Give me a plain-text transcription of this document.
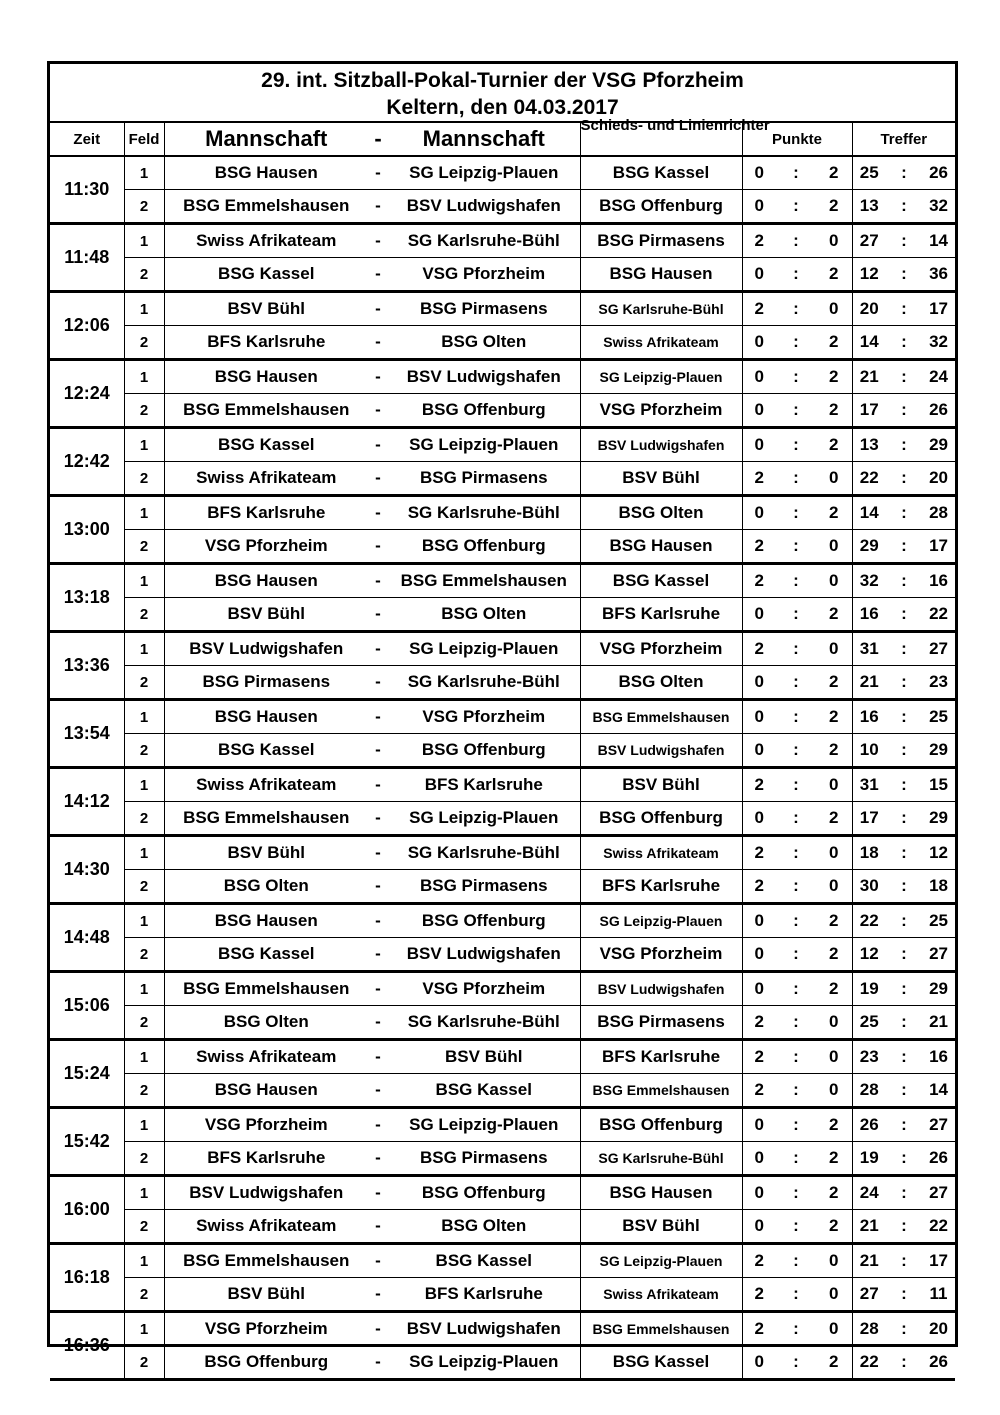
29. int. Sitzball-Pokal-Turnier der VSG Pforzheim
Keltern, den 04.03.2017
Zeit	Feld	Mannschaft	-	Mannschaft	Schieds- und Linienrichter	Punkte			Treffer		
11:30	1	BSG Hausen	-	SG Leipzig-Plauen	BSG Kassel	0	:	2	25	:	26
	2	BSG Emmelshausen	-	BSV Ludwigshafen	BSG Offenburg	0	:	2	13	:	32
11:48	1	Swiss Afrikateam	-	SG Karlsruhe-Bühl	BSG Pirmasens	2	:	0	27	:	14
	2	BSG Kassel	-	VSG Pforzheim	BSG Hausen	0	:	2	12	:	36
12:06	1	BSV Bühl	-	BSG Pirmasens	SG Karlsruhe-Bühl	2	:	0	20	:	17
	2	BFS Karlsruhe	-	BSG Olten	Swiss Afrikateam	0	:	2	14	:	32
12:24	1	BSG Hausen	-	BSV Ludwigshafen	SG Leipzig-Plauen	0	:	2	21	:	24
	2	BSG Emmelshausen	-	BSG Offenburg	VSG Pforzheim	0	:	2	17	:	26
12:42	1	BSG Kassel	-	SG Leipzig-Plauen	BSV Ludwigshafen	0	:	2	13	:	29
	2	Swiss Afrikateam	-	BSG Pirmasens	BSV Bühl	2	:	0	22	:	20
13:00	1	BFS Karlsruhe	-	SG Karlsruhe-Bühl	BSG Olten	0	:	2	14	:	28
	2	VSG Pforzheim	-	BSG Offenburg	BSG Hausen	2	:	0	29	:	17
13:18	1	BSG Hausen	-	BSG Emmelshausen	BSG Kassel	2	:	0	32	:	16
	2	BSV Bühl	-	BSG Olten	BFS Karlsruhe	0	:	2	16	:	22
13:36	1	BSV Ludwigshafen	-	SG Leipzig-Plauen	VSG Pforzheim	2	:	0	31	:	27
	2	BSG Pirmasens	-	SG Karlsruhe-Bühl	BSG Olten	0	:	2	21	:	23
13:54	1	BSG Hausen	-	VSG Pforzheim	BSG Emmelshausen	0	:	2	16	:	25
	2	BSG Kassel	-	BSG Offenburg	BSV Ludwigshafen	0	:	2	10	:	29
14:12	1	Swiss Afrikateam	-	BFS Karlsruhe	BSV Bühl	2	:	0	31	:	15
	2	BSG Emmelshausen	-	SG Leipzig-Plauen	BSG Offenburg	0	:	2	17	:	29
14:30	1	BSV Bühl	-	SG Karlsruhe-Bühl	Swiss Afrikateam	2	:	0	18	:	12
	2	BSG Olten	-	BSG Pirmasens	BFS Karlsruhe	2	:	0	30	:	18
14:48	1	BSG Hausen	-	BSG Offenburg	SG Leipzig-Plauen	0	:	2	22	:	25
	2	BSG Kassel	-	BSV Ludwigshafen	VSG Pforzheim	0	:	2	12	:	27
15:06	1	BSG Emmelshausen	-	VSG Pforzheim	BSV Ludwigshafen	0	:	2	19	:	29
	2	BSG Olten	-	SG Karlsruhe-Bühl	BSG Pirmasens	2	:	0	25	:	21
15:24	1	Swiss Afrikateam	-	BSV Bühl	BFS Karlsruhe	2	:	0	23	:	16
	2	BSG Hausen	-	BSG Kassel	BSG Emmelshausen	2	:	0	28	:	14
15:42	1	VSG Pforzheim	-	SG Leipzig-Plauen	BSG Offenburg	0	:	2	26	:	27
	2	BFS Karlsruhe	-	BSG Pirmasens	SG Karlsruhe-Bühl	0	:	2	19	:	26
16:00	1	BSV Ludwigshafen	-	BSG Offenburg	BSG Hausen	0	:	2	24	:	27
	2	Swiss Afrikateam	-	BSG Olten	BSV Bühl	0	:	2	21	:	22
16:18	1	BSG Emmelshausen	-	BSG Kassel	SG Leipzig-Plauen	2	:	0	21	:	17
	2	BSV Bühl	-	BFS Karlsruhe	Swiss Afrikateam	2	:	0	27	:	11
16:36	1	VSG Pforzheim	-	BSV Ludwigshafen	BSG Emmelshausen	2	:	0	28	:	20
	2	BSG Offenburg	-	SG Leipzig-Plauen	BSG Kassel	0	:	2	22	:	26
